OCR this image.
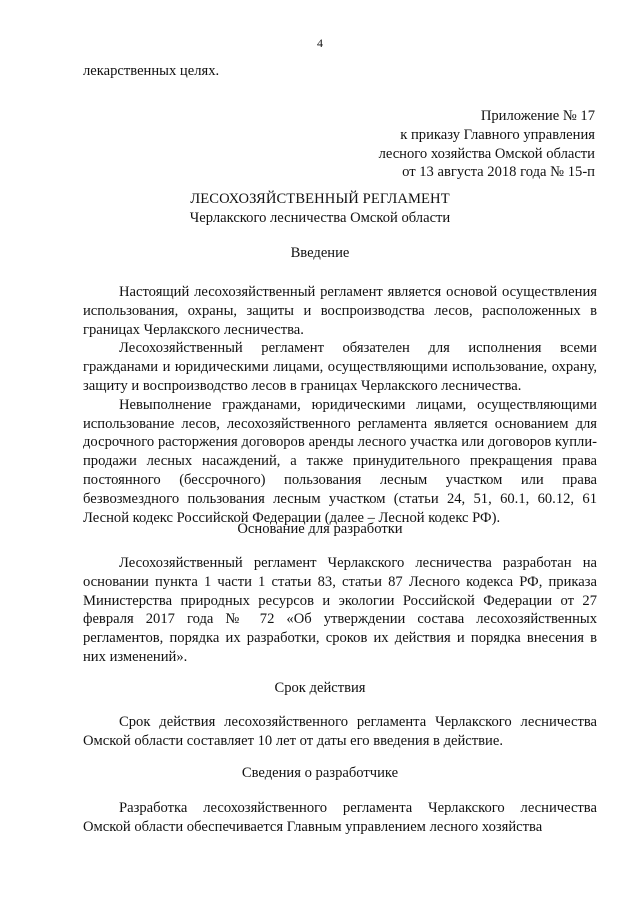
4
лекарственных целях.
Приложение № 17
к приказу Главного управления
лесного хозяйства Омской области
от 13 августа 2018 года № 15-п
ЛЕСОХОЗЯЙСТВЕННЫЙ РЕГЛАМЕНТ
Черлакского лесничества Омской области
Введение

Настоящий лесохозяйственный регламент является основой осуществления использования, охраны, защиты и воспроизводства лесов, расположенных в границах Черлакского лесничества.

Лесохозяйственный регламент обязателен для исполнения всеми гражданами и юридическими лицами, осуществляющими использование, охрану, защиту и воспроизводство лесов в границах Черлакского лесничества.

Невыполнение гражданами, юридическими лицами, осуществляющими использование лесов, лесохозяйственного регламента является основанием для досрочного расторжения договоров аренды лесного участка или договоров купли-продажи лесных насаждений, а также принудительного прекращения права постоянного (бессрочного) пользования лесным участком или права безвозмездного пользования лесным участком (статьи 24, 51, 60.1, 60.12, 61 Лесной кодекс Российской Федерации (далее – Лесной кодекс РФ).

Основание для разработки

Лесохозяйственный регламент Черлакского лесничества разработан на основании пункта 1 части 1 статьи 83, статьи 87 Лесного кодекса РФ, приказа Министерства природных ресурсов и экологии Российской Федерации от 27 февраля 2017 года № 72 «Об утверждении состава лесохозяйственных регламентов, порядка их разработки, сроков их действия и порядка внесения в них изменений».

Срок действия

Срок действия лесохозяйственного регламента Черлакского лесничества Омской области составляет 10 лет от даты его введения в действие.

Сведения о разработчике

Разработка лесохозяйственного регламента Черлакского лесничества Омской области обеспечивается Главным управлением лесного хозяйства
